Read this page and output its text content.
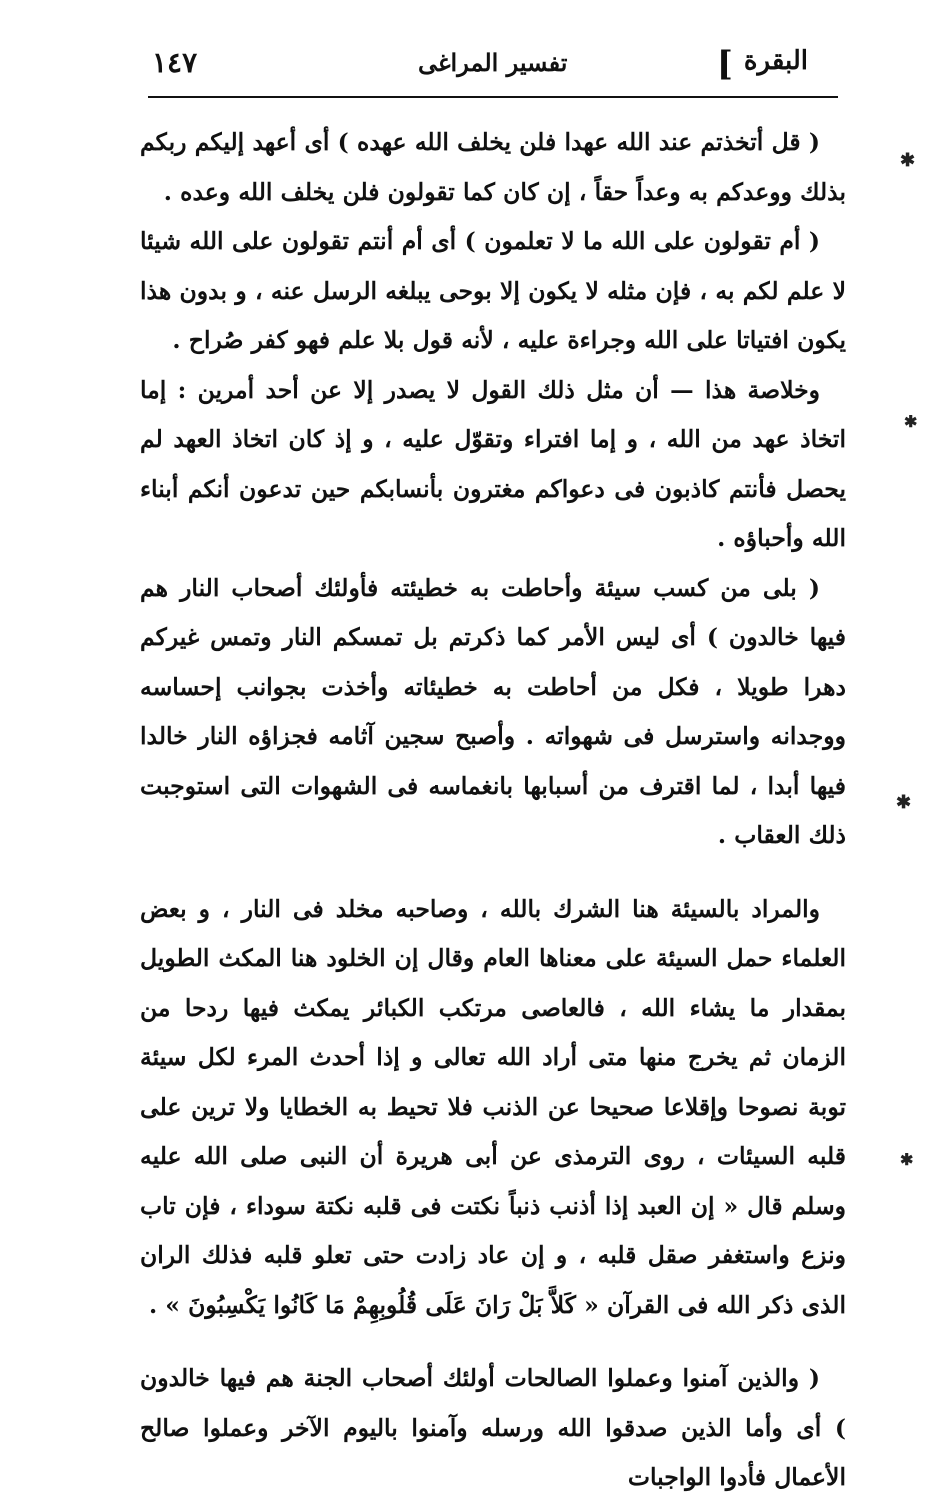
البقرة
]
تفسير المراغى
١٤٧

( قل أتخذتم عند الله عهدا فلن يخلف الله عهده ) أى أعهد إليكم ربكم بذلك ووعدكم به وعداً حقاً ، إن كان كما تقولون فلن يخلف الله وعده .

( أم تقولون على الله ما لا تعلمون ) أى أم أنتم تقولون على الله شيئا لا علم لكم به ، فإن مثله لا يكون إلا بوحى يبلغه الرسل عنه ، و بدون هذا يكون افتياتا على الله وجراءة عليه ، لأنه قول بلا علم فهو كفر صُراح .

وخلاصة هذا — أن مثل ذلك القول لا يصدر إلا عن أحد أمرين : إما اتخاذ عهد من الله ، و إما افتراء وتقوّل عليه ، و إذ كان اتخاذ العهد لم يحصل فأنتم كاذبون فى دعواكم مغترون بأنسابكم حين تدعون أنكم أبناء الله وأحباؤه .

( بلى من كسب سيئة وأحاطت به خطيئته فأولئك أصحاب النار هم فيها خالدون ) أى ليس الأمر كما ذكرتم بل تمسكم النار وتمس غيركم دهرا طويلا ، فكل من أحاطت به خطيئاته وأخذت بجوانب إحساسه ووجدانه واسترسل فى شهواته . وأصبح سجين آثامه فجزاؤه النار خالدا فيها أبدا ، لما اقترف من أسبابها بانغماسه فى الشهوات التى استوجبت ذلك العقاب .

والمراد بالسيئة هنا الشرك بالله ، وصاحبه مخلد فى النار ، و بعض العلماء حمل السيئة على معناها العام وقال إن الخلود هنا المكث الطويل بمقدار ما يشاء الله ، فالعاصى مرتكب الكبائر يمكث فيها ردحا من الزمان ثم يخرج منها متى أراد الله تعالى و إذا أحدث المرء لكل سيئة توبة نصوحا وإقلاعا صحيحا عن الذنب فلا تحيط به الخطايا ولا ترين على قلبه السيئات ، روى الترمذى عن أبى هريرة أن النبى صلى الله عليه وسلم قال « إن العبد إذا أذنب ذنباً نكتت فى قلبه نكتة سوداء ، فإن تاب ونزع واستغفر صقل قلبه ، و إن عاد زادت حتى تعلو قلبه فذلك الران الذى ذكر الله فى القرآن « كَلاَّ بَلْ رَانَ عَلَى قُلُوبِهِمْ مَا كَانُوا يَكْسِبُونَ » .

( والذين آمنوا وعملوا الصالحات أولئك أصحاب الجنة هم فيها خالدون ) أى وأما الذين صدقوا الله ورسله وآمنوا باليوم الآخر وعملوا صالح الأعمال فأدوا الواجبات

✱
✱
✱
✱
